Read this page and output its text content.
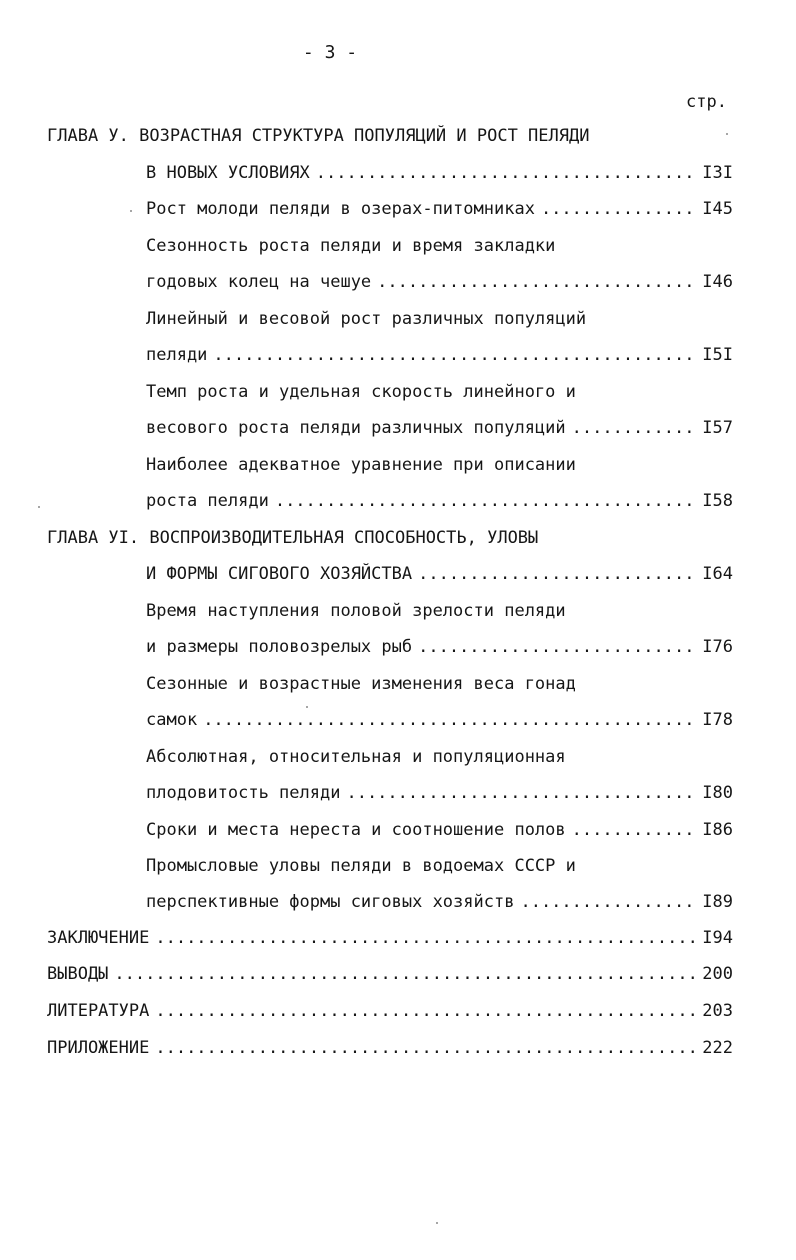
- 3 -
стр.
ГЛАВА У. ВОЗРАСТНАЯ СТРУКТУРА ПОПУЛЯЦИЙ И РОСТ ПЕЛЯДИ
В НОВЫХ УСЛОВИЯХ .....	I3I
Рост молоди пеляди в озерах-питомниках .....	I45
Сезонность роста пеляди и время закладки
годовых колец на чешуе .....	I46
Линейный и весовой рост различных популяций
пеляди .....	I5I
Темп роста и удельная скорость линейного и
весового роста пеляди различных популяций .....	I57
Наиболее адекватное уравнение при описании
роста пеляди .....	I58
ГЛАВА УI. ВОСПРОИЗВОДИТЕЛЬНАЯ СПОСОБНОСТЬ, УЛОВЫ
И ФОРМЫ СИГОВОГО ХОЗЯЙСТВА .....	I64
Время наступления половой зрелости пеляди
и размеры половозрелых рыб .....	I76
Сезонные и возрастные изменения веса гонад
самок .....	I78
Абсолютная, относительная и популяционная
плодовитость пеляди .....	I80
Сроки и места нереста и соотношение полов .....	I86
Промысловые уловы пеляди в водоемах СССР и
перспективные формы сиговых хозяйств .....	I89
ЗАКЛЮЧЕНИЕ .....	I94
ВЫВОДЫ .....	200
ЛИТЕРАТУРА .....	203
ПРИЛОЖЕНИЕ .....	222
